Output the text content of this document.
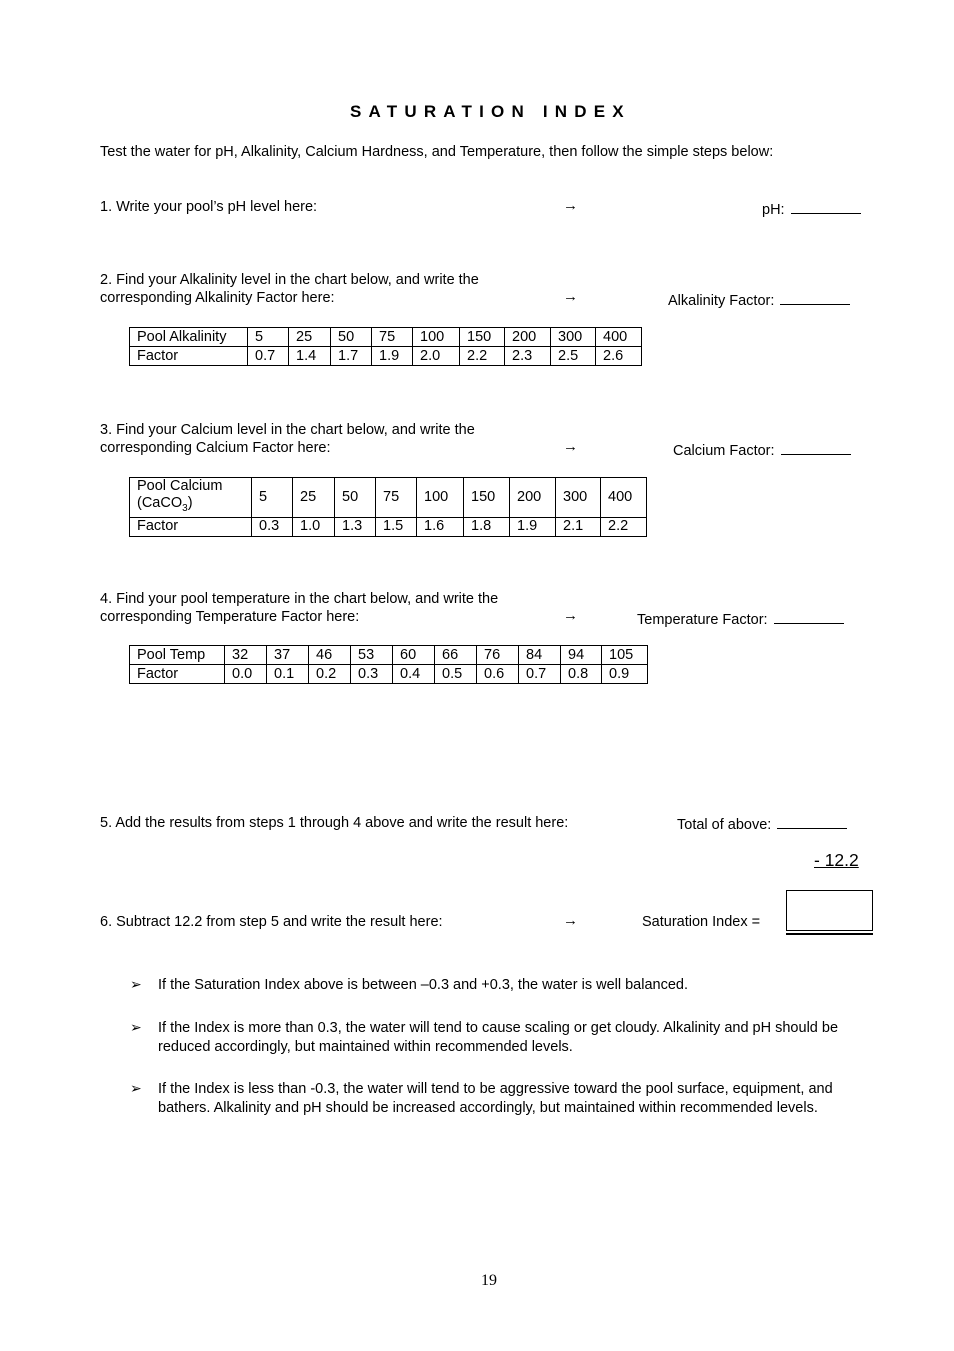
SATURATION INDEX
Test the water for pH, Alkalinity, Calcium Hardness, and Temperature, then follow the simple steps below:
1. Write your pool’s pH level here:	→	pH:
2. Find your Alkalinity level in the chart below, and write the
corresponding Alkalinity Factor here:	→	Alkalinity Factor:
Pool Alkalinity	5	25	50	75	100	150	200	300	400
Factor	0.7	1.4	1.7	1.9	2.0	2.2	2.3	2.5	2.6
3. Find your Calcium level in the chart below, and write the
corresponding Calcium Factor here:	→	Calcium Factor:
Pool Calcium
(CaCO$_3$)	5	25	50	75	100	150	200	300	400
Factor	0.3	1.0	1.3	1.5	1.6	1.8	1.9	2.1	2.2
4. Find your pool temperature in the chart below, and write the
corresponding Temperature Factor here:	→	Temperature Factor:
Pool Temp	32	37	46	53	60	66	76	84	94	105
Factor	0.0	0.1	0.2	0.3	0.4	0.5	0.6	0.7	0.8	0.9
5. Add the results from steps 1 through 4 above and write the result here:	Total of above:
- 12.2
6. Subtract 12.2 from step 5 and write the result here:	→	Saturation Index =
➢ If the Saturation Index above is between –0.3 and +0.3, the water is well balanced.
➢ If the Index is more than 0.3, the water will tend to cause scaling or get cloudy. Alkalinity and pH should be reduced accordingly, but maintained within recommended levels.
➢ If the Index is less than -0.3, the water will tend to be aggressive toward the pool surface, equipment, and bathers. Alkalinity and pH should be increased accordingly, but maintained within recommended levels.
19
